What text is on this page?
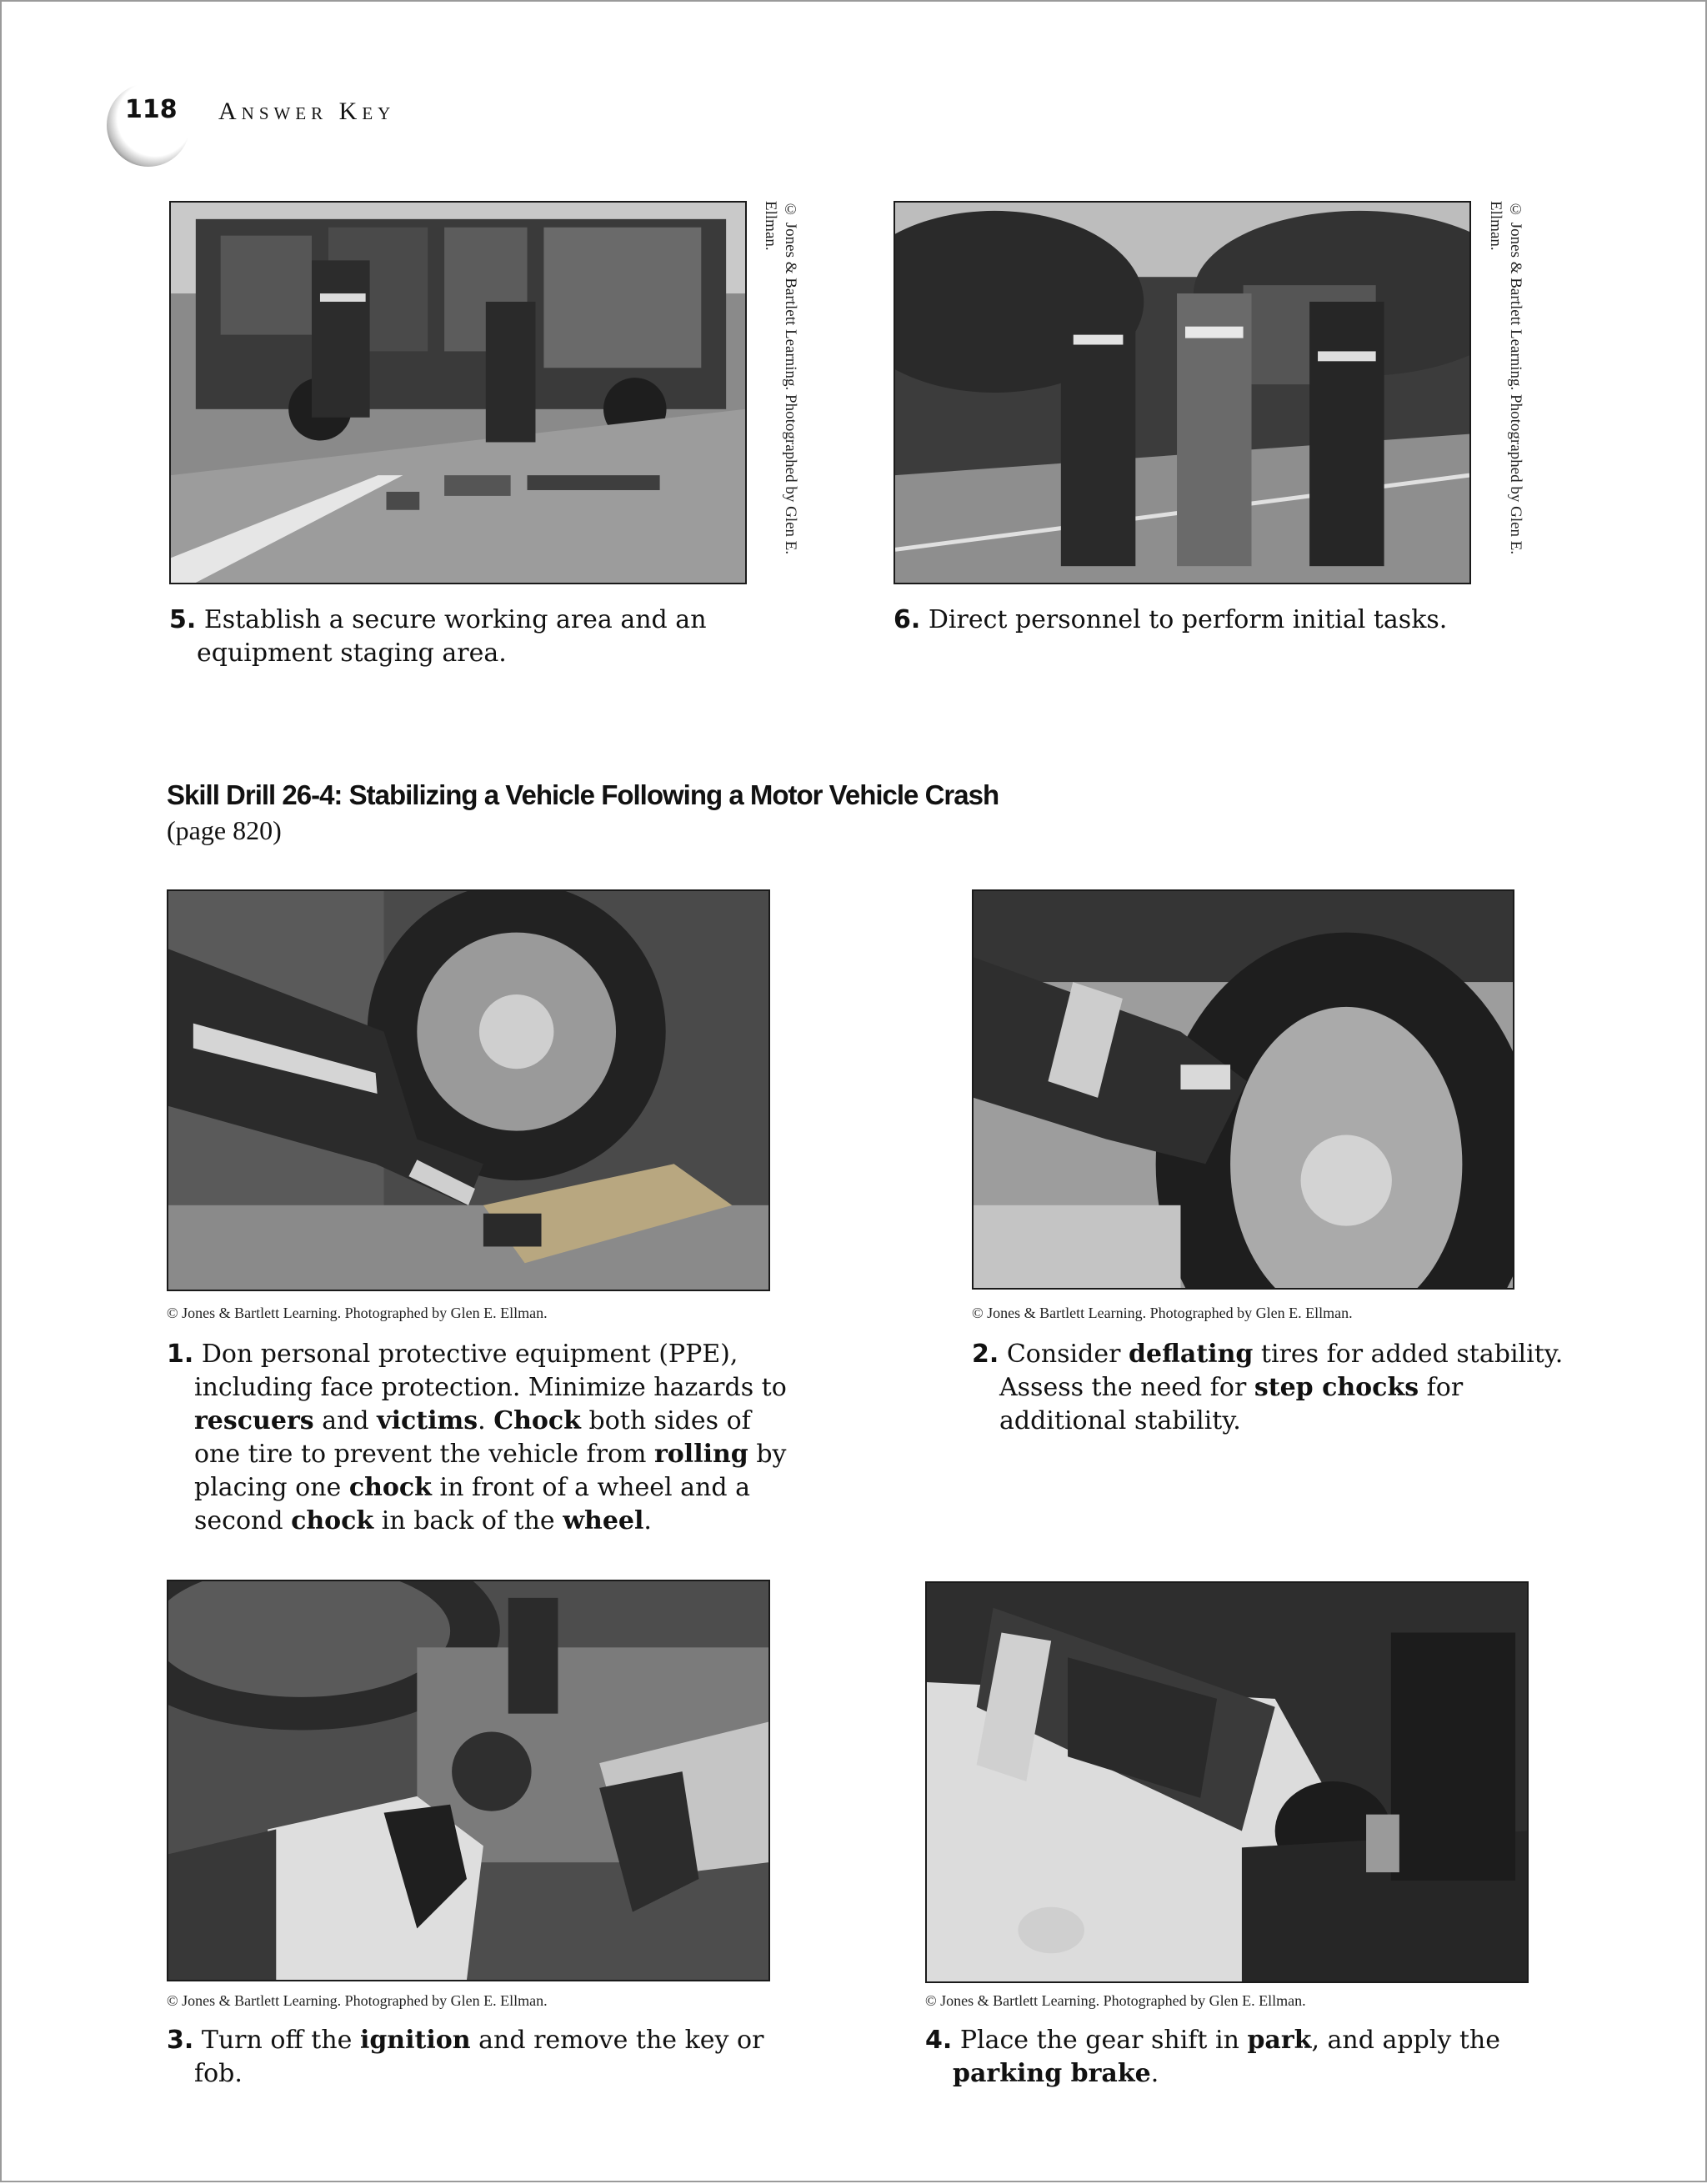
118 Answer Key
© Jones & Bartlett Learning. Photographed by Glen E. Ellman.
5. Establish a secure working area and an equipment staging area.
© Jones & Bartlett Learning. Photographed by Glen E. Ellman.
6. Direct personnel to perform initial tasks.
Skill Drill 26-4: Stabilizing a Vehicle Following a Motor Vehicle Crash
(page 820)
© Jones & Bartlett Learning. Photographed by Glen E. Ellman.
1. Don personal protective equipment (PPE), including face protection. Minimize hazards to rescuers and victims. Chock both sides of one tire to prevent the vehicle from rolling by placing one chock in front of a wheel and a second chock in back of the wheel.
© Jones & Bartlett Learning. Photographed by Glen E. Ellman.
2. Consider deflating tires for added stability. Assess the need for step chocks for additional stability.
© Jones & Bartlett Learning. Photographed by Glen E. Ellman.
3. Turn off the ignition and remove the key or fob.
© Jones & Bartlett Learning. Photographed by Glen E. Ellman.
4. Place the gear shift in park, and apply the parking brake.
